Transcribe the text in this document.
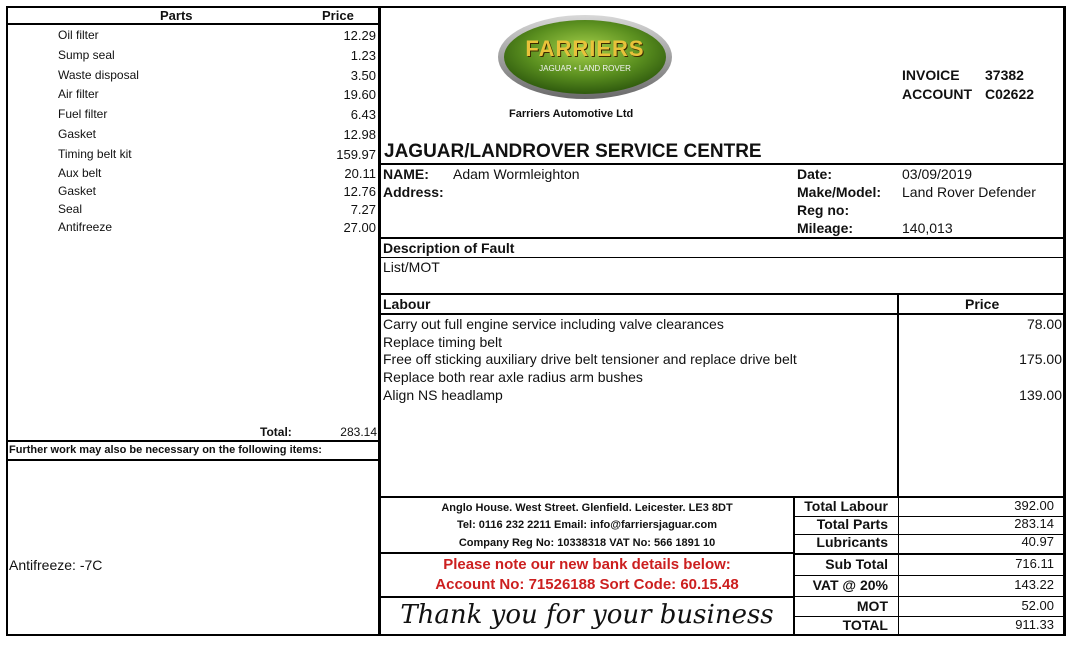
Parts	Price
Oil filter	12.29
Sump seal	1.23
Waste disposal	3.50
Air filter	19.60
Fuel filter	6.43
Gasket	12.98
Timing belt kit	159.97
Aux belt	20.11
Gasket	12.76
Seal	7.27
Antifreeze	27.00
Total:	283.14
Further work may also be necessary on the following items:
Antifreeze: -7C
FARRIERS
JAGUAR • LAND ROVER
Farriers Automotive Ltd
INVOICE 37382
ACCOUNT C02622
JAGUAR/LANDROVER SERVICE CENTRE
NAME: Adam Wormleighton
Address:
Date:	03/09/2019
Make/Model: Land Rover Defender
Reg no:
Mileage:	140,013
Description of Fault
List/MOT
Labour	Price
Carry out full engine service including valve clearances	78.00
Replace timing belt
Free off sticking auxiliary drive belt tensioner and replace drive belt	175.00
Replace both rear axle radius arm bushes
Align NS headlamp	139.00
Anglo House. West Street. Glenfield. Leicester. LE3 8DT
Tel: 0116 232 2211 Email: info@farriersjaguar.com
Company Reg No: 10338318 VAT No: 566 1891 10
Please note our new bank details below:
Account No: 71526188 Sort Code: 60.15.48
Thank you for your business
Total Labour	392.00
Total Parts	283.14
Lubricants	40.97
Sub Total	716.11
VAT @ 20%	143.22
MOT	52.00
TOTAL	911.33
